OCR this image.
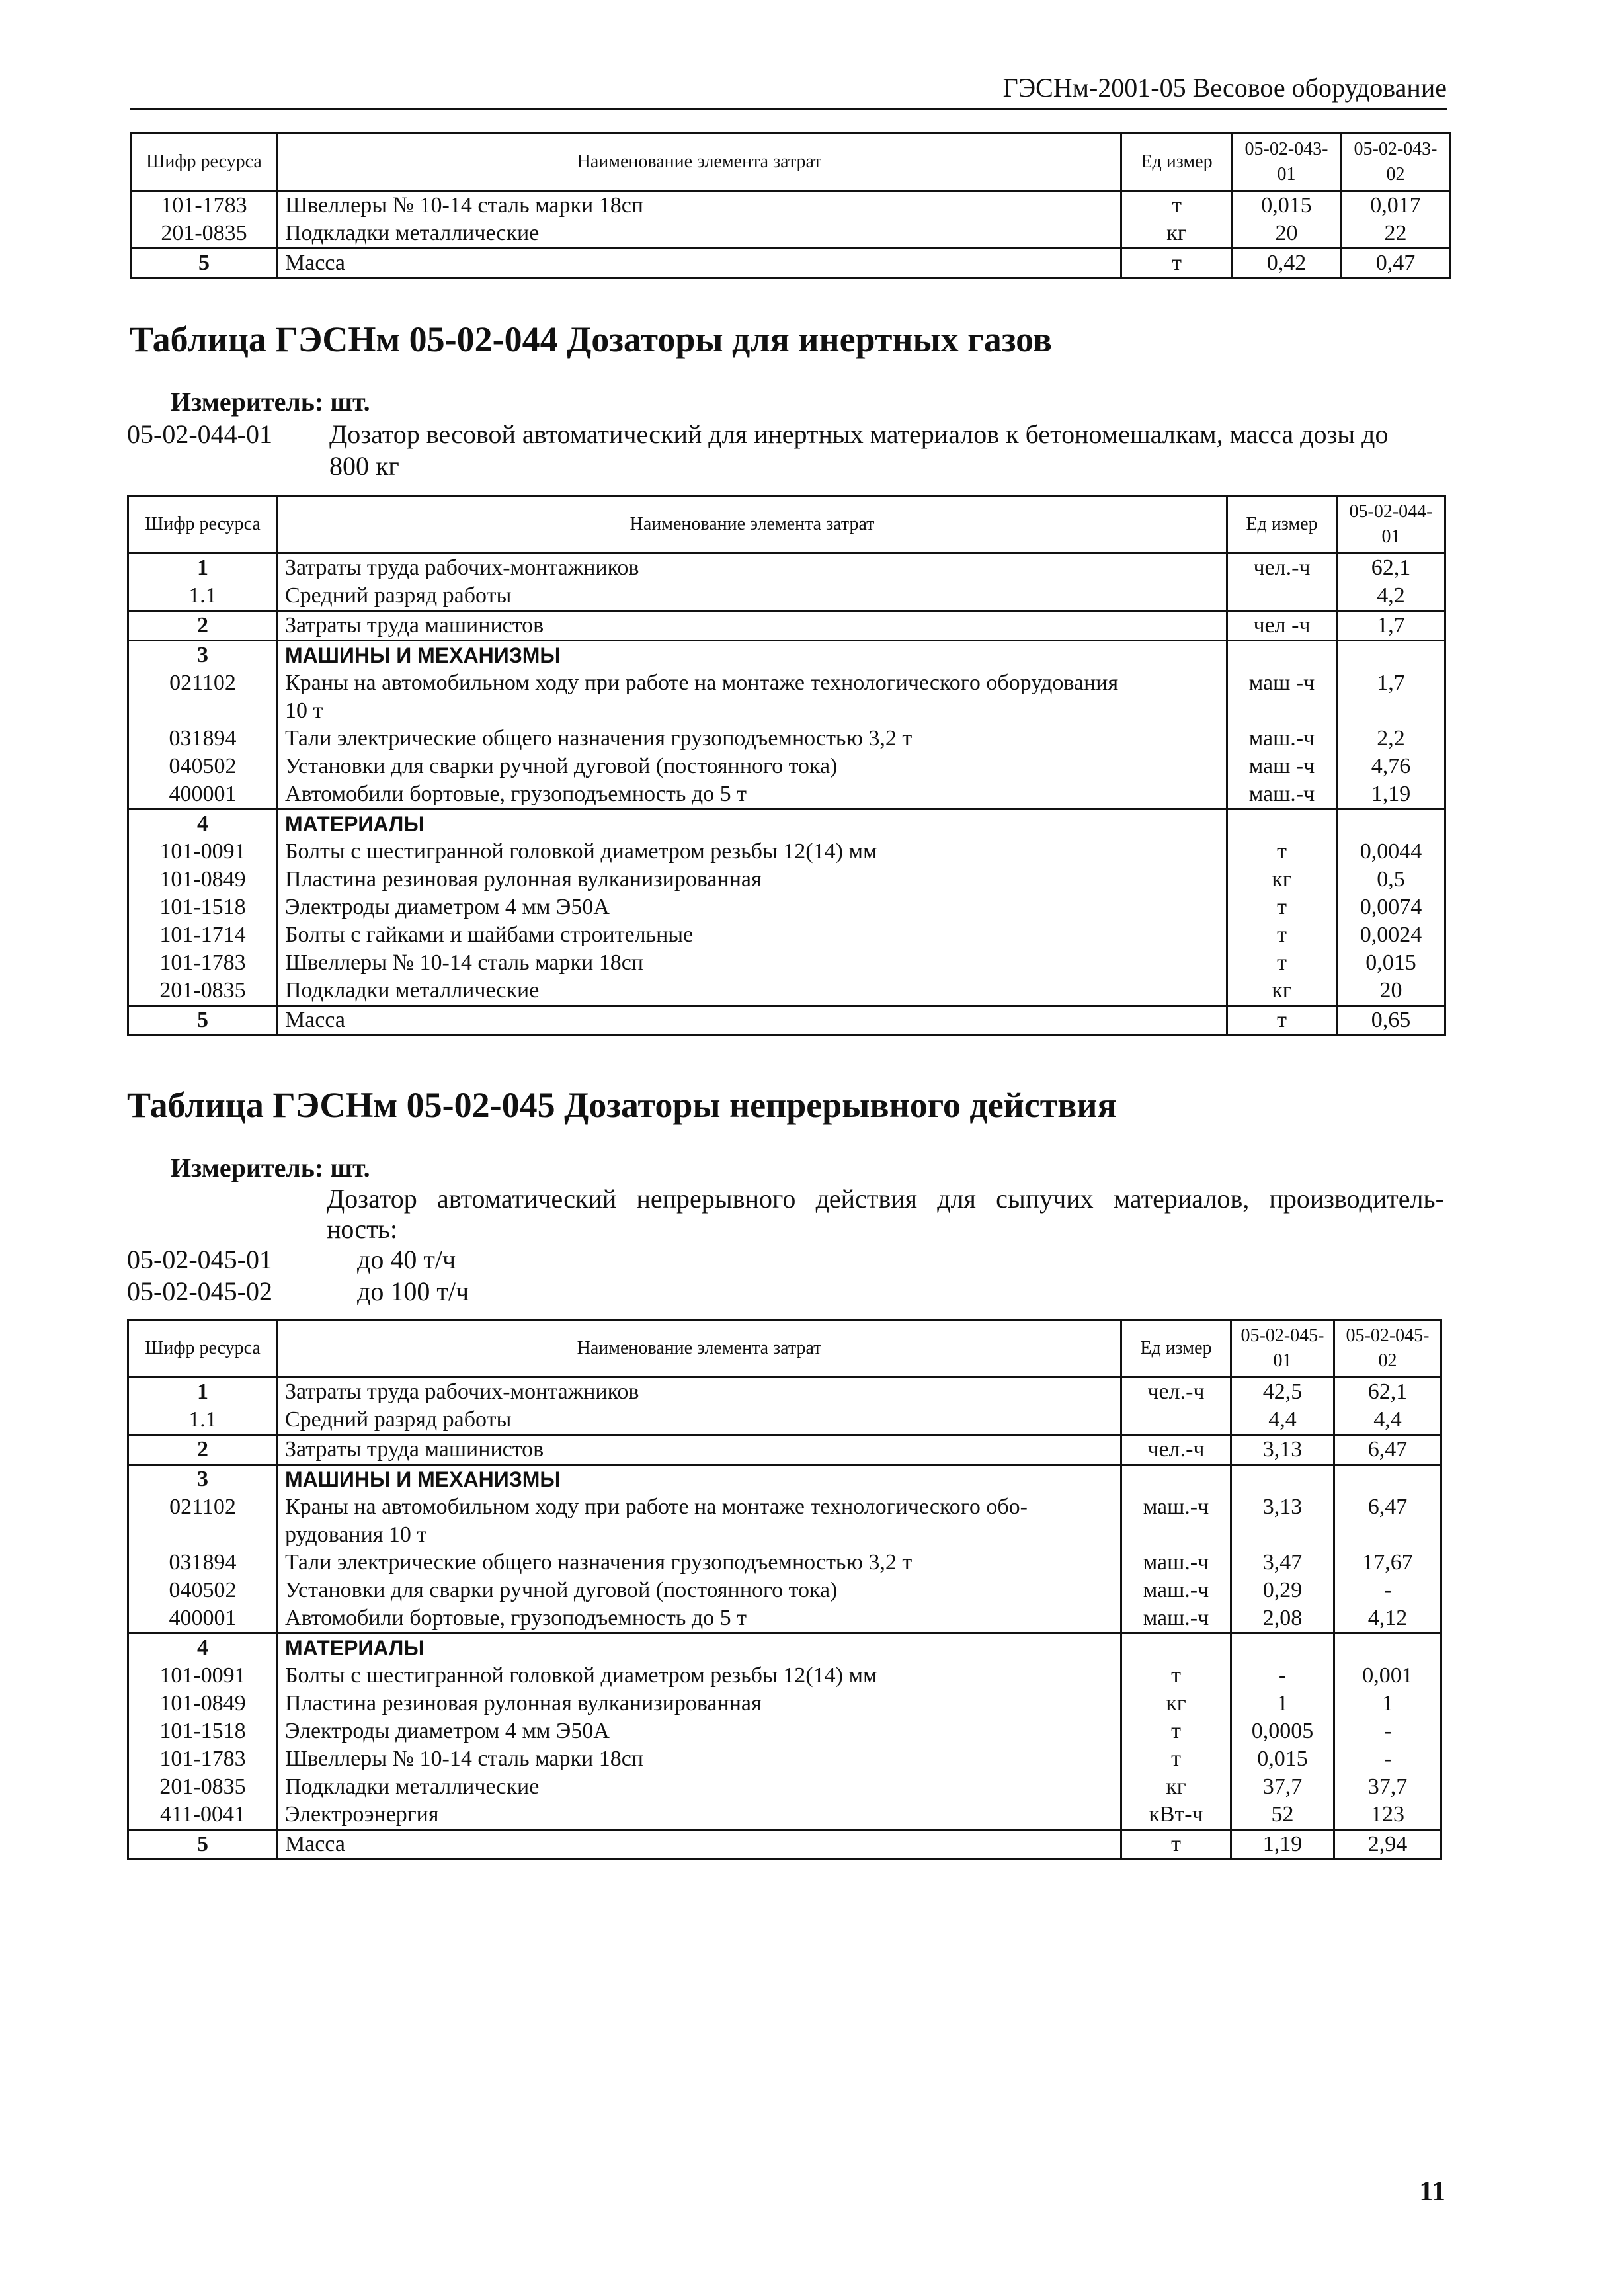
ГЭСНм-2001-05 Весовое оборудование
Шифр ресурса	Наименование элемента затрат	Ед измер	05-02-043-01	05-02-043-02
101-1783	Швеллеры № 10-14 сталь марки 18сп	т	0,015	0,017
201-0835	Подкладки металлические	кг	20	22
5	Масса	т	0,42	0,47
Таблица ГЭСНм 05-02-044 Дозаторы для инертных газов
Измеритель: шт.
05-02-044-01 Дозатор весовой автоматический для инертных материалов к бетономешалкам, масса дозы до
800 кг
Шифр ресурса	Наименование элемента затрат	Ед измер	05-02-044-01
1	Затраты труда рабочих-монтажников	чел.-ч	62,1
1.1	Средний разряд работы		4,2
2	Затраты труда машинистов	чел -ч	1,7
3	МАШИНЫ И МЕХАНИЗМЫ		
021102	Краны на автомобильном ходу при работе на монтаже технологического оборудования	маш -ч	1,7
	10 т		
031894	Тали электрические общего назначения грузоподъемностью 3,2 т	маш.-ч	2,2
040502	Установки для сварки ручной дуговой (постоянного тока)	маш -ч	4,76
400001	Автомобили бортовые, грузоподъемность до 5 т	маш.-ч	1,19
4	МАТЕРИАЛЫ		
101-0091	Болты с шестигранной головкой диаметром резьбы 12(14) мм	т	0,0044
101-0849	Пластина резиновая рулонная вулканизированная	кг	0,5
101-1518	Электроды диаметром 4 мм Э50А	т	0,0074
101-1714	Болты с гайками и шайбами строительные	т	0,0024
101-1783	Швеллеры № 10-14 сталь марки 18сп	т	0,015
201-0835	Подкладки металлические	кг	20
5	Масса	т	0,65
Таблица ГЭСНм 05-02-045 Дозаторы непрерывного действия
Измеритель: шт.
Дозатор автоматический непрерывного действия для сыпучих материалов, производитель-
ность:
05-02-045-01	до 40 т/ч
05-02-045-02	до 100 т/ч
Шифр ресурса	Наименование элемента затрат	Ед измер	05-02-045-01	05-02-045-02
1	Затраты труда рабочих-монтажников	чел.-ч	42,5	62,1
1.1	Средний разряд работы		4,4	4,4
2	Затраты труда машинистов	чел.-ч	3,13	6,47
3	МАШИНЫ И МЕХАНИЗМЫ			
021102	Краны на автомобильном ходу при работе на монтаже технологического обо-	маш.-ч	3,13	6,47
	рудования 10 т			
031894	Тали электрические общего назначения грузоподъемностью 3,2 т	маш.-ч	3,47	17,67
040502	Установки для сварки ручной дуговой (постоянного тока)	маш.-ч	0,29	-
400001	Автомобили бортовые, грузоподъемность до 5 т	маш.-ч	2,08	4,12
4	МАТЕРИАЛЫ			
101-0091	Болты с шестигранной головкой диаметром резьбы 12(14) мм	т	-	0,001
101-0849	Пластина резиновая рулонная вулканизированная	кг	1	1
101-1518	Электроды диаметром 4 мм Э50А	т	0,0005	-
101-1783	Швеллеры № 10-14 сталь марки 18сп	т	0,015	-
201-0835	Подкладки металлические	кг	37,7	37,7
411-0041	Электроэнергия	кВт-ч	52	123
5	Масса	т	1,19	2,94
11
